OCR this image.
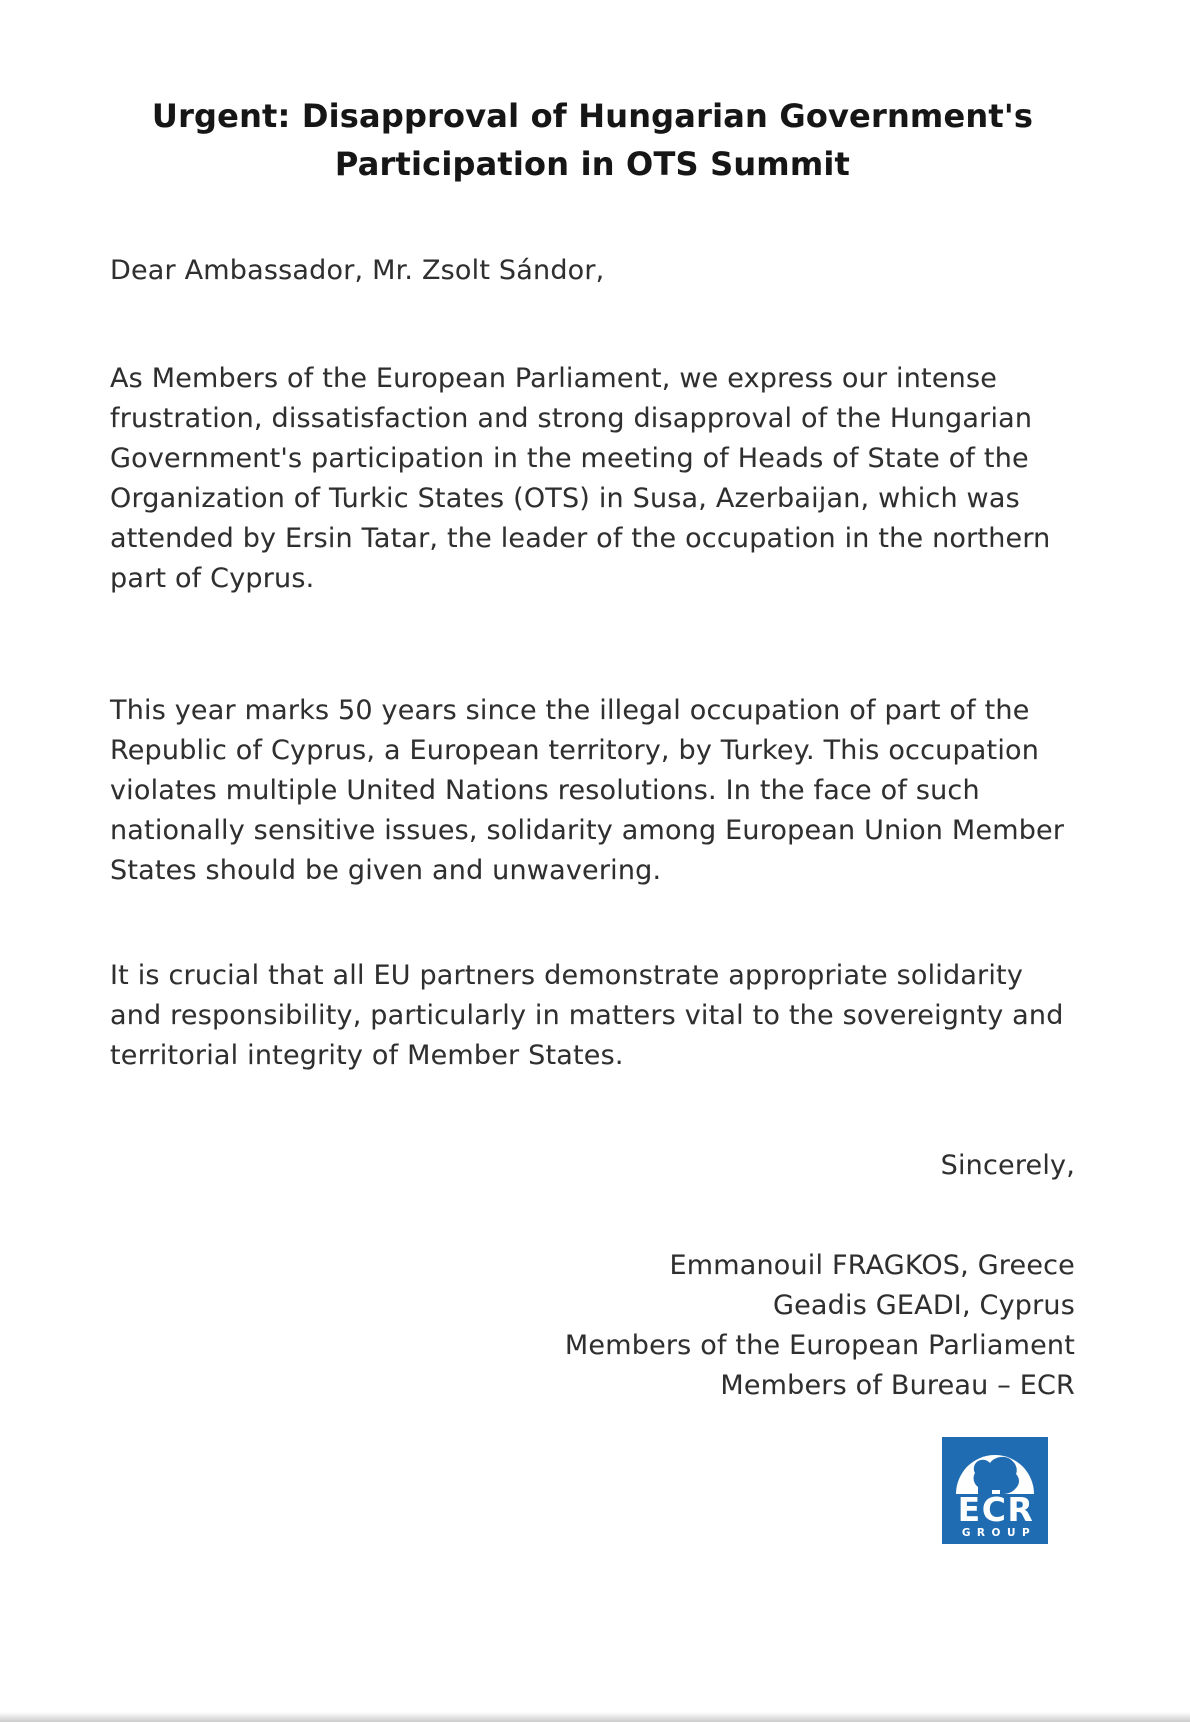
Urgent: Disapproval of Hungarian Government's
Participation in OTS Summit

Dear Ambassador, Mr. Zsolt Sándor,

As Members of the European Parliament, we express our intense frustration, dissatisfaction and strong disapproval of the Hungarian Government's participation in the meeting of Heads of State of the Organization of Turkic States (OTS) in Susa, Azerbaijan, which was attended by Ersin Tatar, the leader of the occupation in the northern part of Cyprus.

This year marks 50 years since the illegal occupation of part of the Republic of Cyprus, a European territory, by Turkey. This occupation violates multiple United Nations resolutions. In the face of such nationally sensitive issues, solidarity among European Union Member States should be given and unwavering.

It is crucial that all EU partners demonstrate appropriate solidarity and responsibility, particularly in matters vital to the sovereignty and territorial integrity of Member States.

Sincerely,

Emmanouil FRAGKOS, Greece
Geadis GEADI, Cyprus
Members of the European Parliament
Members of Bureau – ECR
ECR
GROUP
